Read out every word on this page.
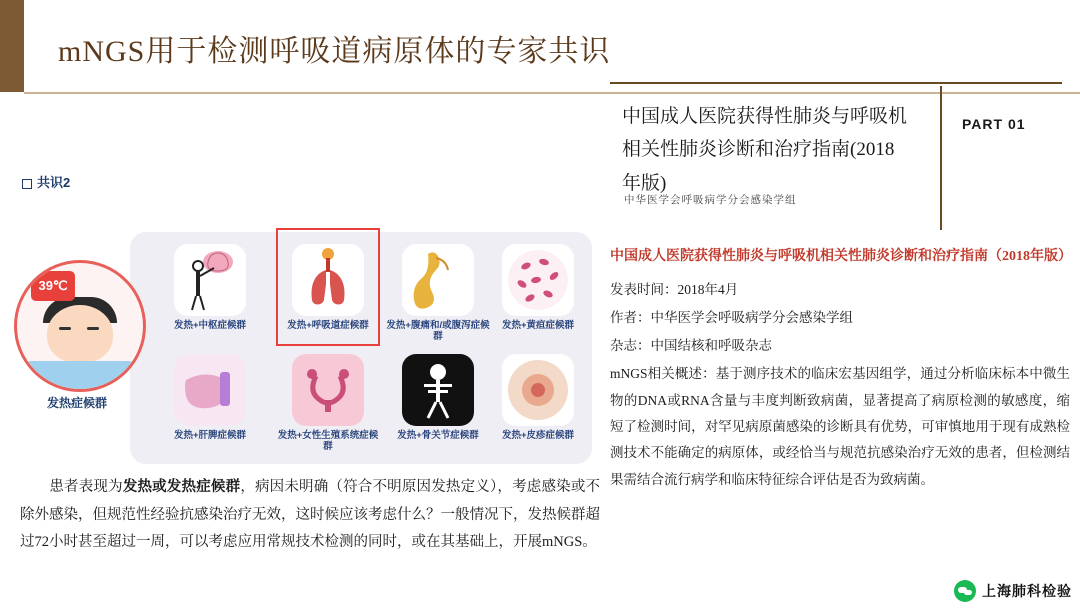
mNGS用于检测呼吸道病原体的专家共识
共识2
39℃
发热症候群
发热+中枢症候群	发热+呼吸道症候群	发热+腹痛和/或腹泻症候群
发热+黄疸症候群
发热+肝脾症候群	发热+女性生殖系统症候群
发热+骨关节症候群	发热+皮疹症候群
　　患者表现为发热或发热症候群，病因未明确（符合不明原因发热定义），考虑感染或不除外感染，但规范性经验抗感染治疗无效，这时候应该考虑什么？一般情况下，发热候群超过72小时甚至超过一周，可以考虑应用常规技术检测的同时，或在其基础上，开展mNGS。
中国成人医院获得性肺炎与呼吸机相关性肺炎诊断和治疗指南(2018 年版)
中华医学会呼吸病学分会感染学组
PART 01
中国成人医院获得性肺炎与呼吸机相关性肺炎诊断和治疗指南（2018年版）
发表时间：2018年4月
作者：中华医学会呼吸病学分会感染学组
杂志：中国结核和呼吸杂志
mNGS相关概述：基于测序技术的临床宏基因组学，通过分析临床标本中微生物的DNA或RNA含量与丰度判断致病菌，显著提高了病原检测的敏感度，缩短了检测时间，对罕见病原菌感染的诊断具有优势，可审慎地用于现有成熟检测技术不能确定的病原体，或经恰当与规范抗感染治疗无效的患者，但检测结果需结合流行病学和临床特征综合评估是否为致病菌。
上海肺科检验
